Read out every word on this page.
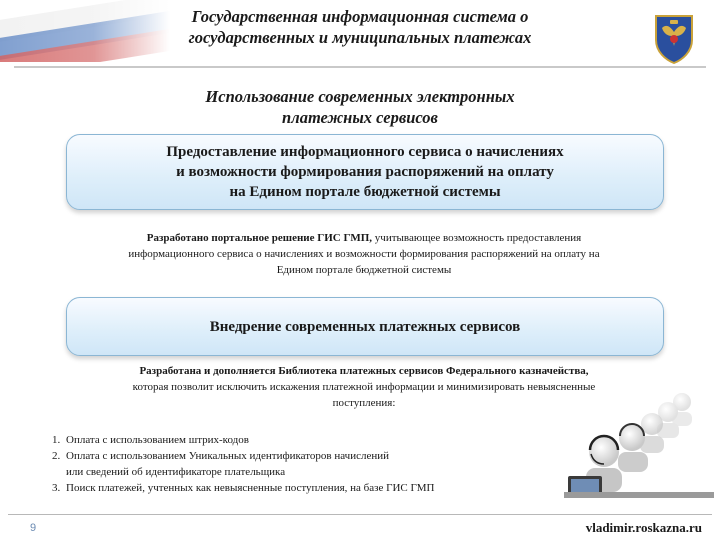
Государственная информационная система о
государственных и муниципальных платежах
Использование современных электронных
платежных сервисов
Предоставление информационного сервиса о начислениях
и возможности формирования распоряжений на оплату
на Едином портале бюджетной системы
Разработано портальное решение ГИС ГМП, учитывающее возможность предоставления
информационного сервиса о начислениях и возможности формирования распоряжений на оплату на
Едином портале бюджетной системы
Внедрение современных платежных сервисов
Разработана и дополняется Библиотека платежных сервисов Федерального казначейства,
которая позволит исключить искажения платежной информации и минимизировать невыясненные
поступления:
1. Оплата с использованием штрих-кодов
2. Оплата с использованием Уникальных идентификаторов начислений
или сведений об идентификаторе плательщика
3. Поиск платежей, учтенных как невыясненные поступления, на базе ГИС ГМП
9	vladimir.roskazna.ru
